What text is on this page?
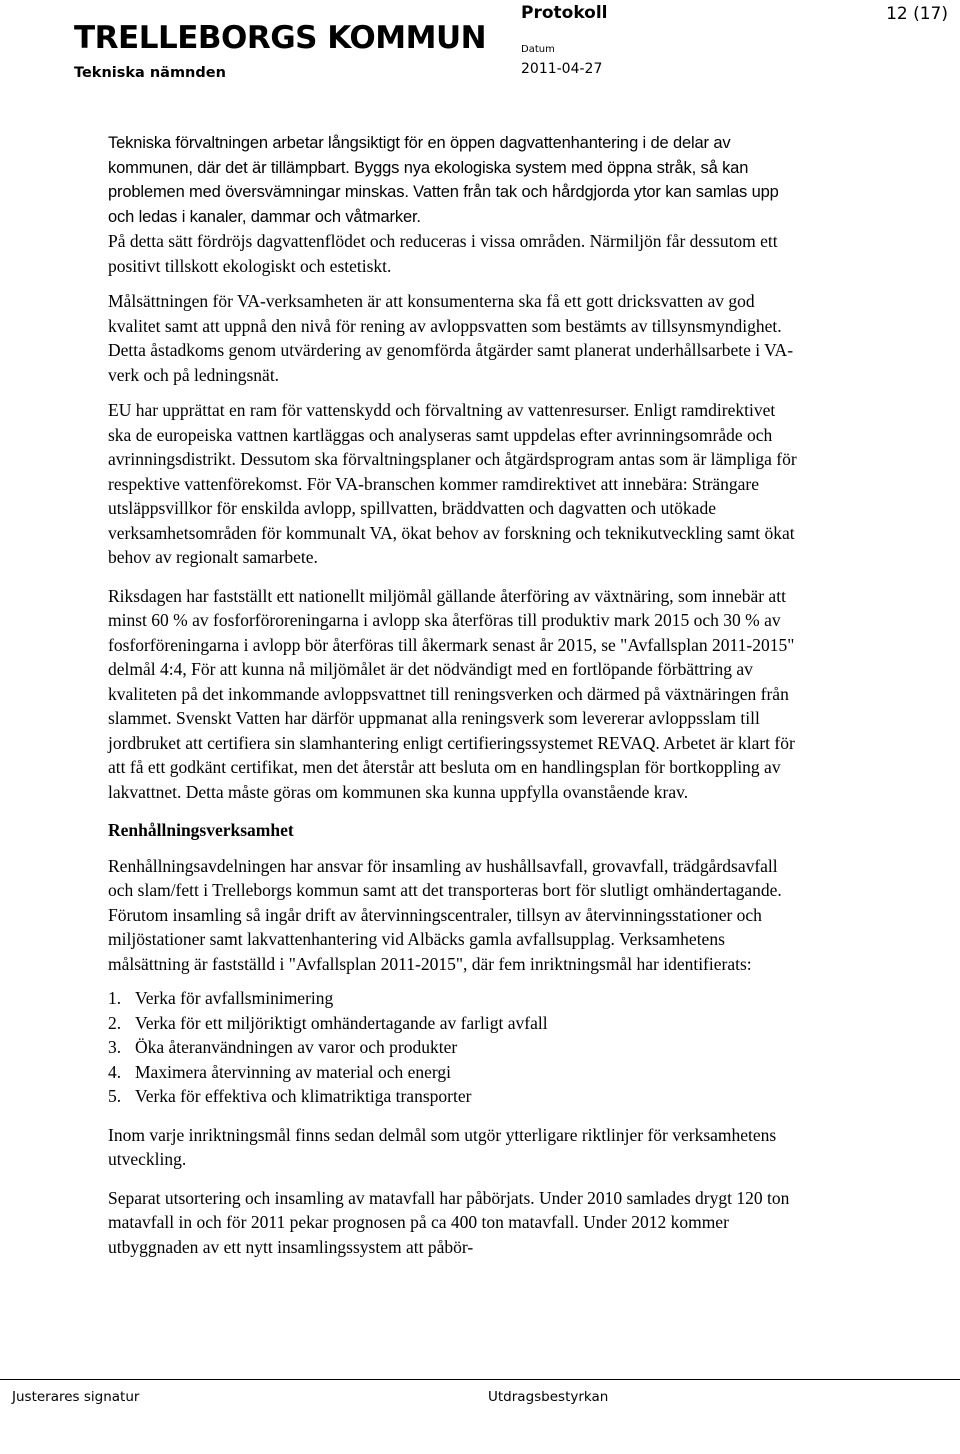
TRELLEBORGS KOMMUN
Tekniska nämnden
Protokoll
Datum
2011-04-27
12 (17)

Tekniska förvaltningen arbetar långsiktigt för en öppen dagvattenhantering i de delar av kommunen, där det är tillämpbart. Byggs nya ekologiska system med öppna stråk, så kan problemen med översvämningar minskas. Vatten från tak och hårdgjorda ytor kan samlas upp och ledas i kanaler, dammar och våtmarker.

På detta sätt fördröjs dagvattenflödet och reduceras i vissa områden. Närmiljön får dessutom ett positivt tillskott ekologiskt och estetiskt.

Målsättningen för VA-verksamheten är att konsumenterna ska få ett gott dricksvatten av god kvalitet samt att uppnå den nivå för rening av avloppsvatten som bestämts av tillsynsmyndighet. Detta åstadkoms genom utvärdering av genomförda åtgärder samt planerat underhållsarbete i VA-verk och på ledningsnät.

EU har upprättat en ram för vattenskydd och förvaltning av vattenresurser. Enligt ramdirektivet ska de europeiska vattnen kartläggas och analyseras samt uppdelas efter avrinningsområde och avrinningsdistrikt. Dessutom ska förvaltningsplaner och åtgärdsprogram antas som är lämpliga för respektive vattenförekomst. För VA-branschen kommer ramdirektivet att innebära: Strängare utsläppsvillkor för enskilda avlopp, spillvatten, bräddvatten och dagvatten och utökade verksamhetsområden för kommunalt VA, ökat behov av forskning och teknikutveckling samt ökat behov av regionalt samarbete.

Riksdagen har fastställt ett nationellt miljömål gällande återföring av växtnäring, som innebär att minst 60 % av fosforföroreningarna i avlopp ska återföras till produktiv mark 2015 och 30 % av fosforföreningarna i avlopp bör återföras till åkermark senast år 2015, se "Avfallsplan 2011-2015" delmål 4:4, För att kunna nå miljömålet är det nödvändigt med en fortlöpande förbättring av kvaliteten på det inkommande avloppsvattnet till reningsverken och därmed på växtnäringen från slammet. Svenskt Vatten har därför uppmanat alla reningsverk som levererar avloppsslam till jordbruket att certifiera sin slamhantering enligt certifieringssystemet REVAQ. Arbetet är klart för att få ett godkänt certifikat, men det återstår att besluta om en handlingsplan för bortkoppling av lakvattnet. Detta måste göras om kommunen ska kunna uppfylla ovanstående krav.

Renhållningsverksamhet

Renhållningsavdelningen har ansvar för insamling av hushållsavfall, grovavfall, trädgårdsavfall och slam/fett i Trelleborgs kommun samt att det transporteras bort för slutligt omhändertagande. Förutom insamling så ingår drift av återvinningscentraler, tillsyn av återvinningsstationer och miljöstationer samt lakvattenhantering vid Albäcks gamla avfallsupplag. Verksamhetens målsättning är fastställd i "Avfallsplan 2011-2015", där fem inriktningsmål har identifierats:

1. Verka för avfallsminimering
2. Verka för ett miljöriktigt omhändertagande av farligt avfall
3. Öka återanvändningen av varor och produkter
4. Maximera återvinning av material och energi
5. Verka för effektiva och klimatriktiga transporter

Inom varje inriktningsmål finns sedan delmål som utgör ytterligare riktlinjer för verksamhetens utveckling.

Separat utsortering och insamling av matavfall har påbörjats. Under 2010 samlades drygt 120 ton matavfall in och för 2011 pekar prognosen på ca 400 ton matavfall. Under 2012 kommer utbyggnaden av ett nytt insamlingssystem att påbör-

Justerares signatur	Utdragsbestyrkan
